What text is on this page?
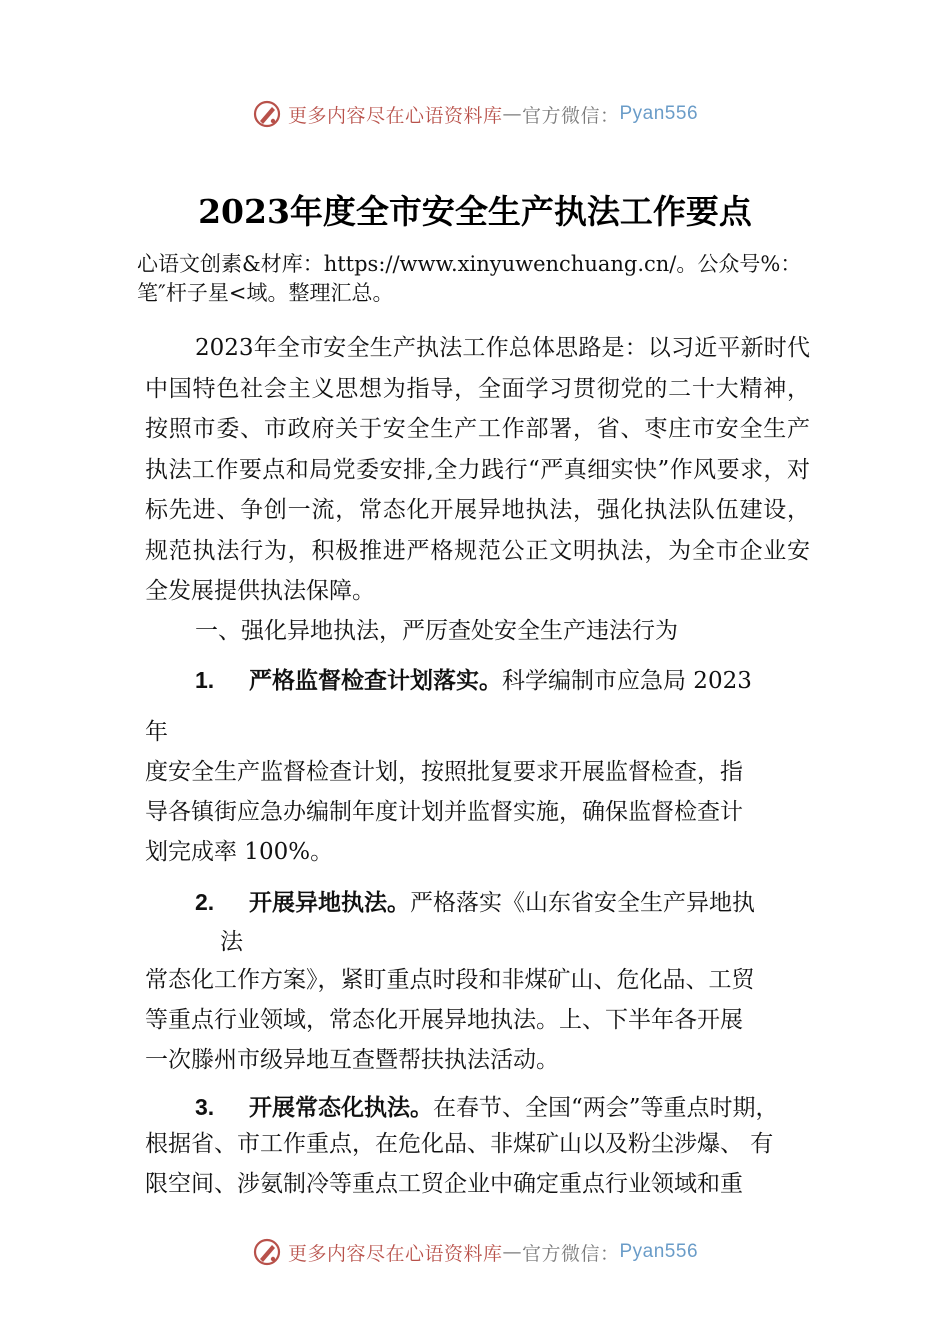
更多内容尽在心语资料库 — 官方微信： Pyan556
2023年度全市安全生产执法工作要点
心语文创素&材库：https://www.xinyuwenchuang.cn/。公众号%：笔″杆子星<域。整理汇总。
2023年全市安全生产执法工作总体思路是：以习近平新时代中国特色社会主义思想为指导，全面学习贯彻党的二十大精神，按照市委、市政府关于安全生产工作部署，省、枣庄市安全生产执法工作要点和局党委安排,全力践行“严真细实快”作风要求，对标先进、争创一流，常态化开展异地执法，强化执法队伍建设，规范执法行为，积极推进严格规范公正文明执法，为全市企业安全发展提供执法保障。
一、强化异地执法，严厉查处安全生产违法行为
1. 严格监督检查计划落实。科学编制市应急局 2023
年
度安全生产监督检查计划，按照批复要求开展监督检查，指
导各镇街应急办编制年度计划并监督实施，确保监督检查计
划完成率 100%。
2. 开展异地执法。严格落实《山东省安全生产异地执
法
常态化工作方案》，紧盯重点时段和非煤矿山、危化品、工贸
等重点行业领域，常态化开展异地执法。上、下半年各开展
一次滕州市级异地互查暨帮扶执法活动。
3. 开展常态化执法。在春节、全国“两会”等重点时期，
根据省、市工作重点，在危化品、非煤矿山以及粉尘涉爆、 有
限空间、涉氨制冷等重点工贸企业中确定重点行业领域和重
更多内容尽在心语资料库 — 官方微信： Pyan556
